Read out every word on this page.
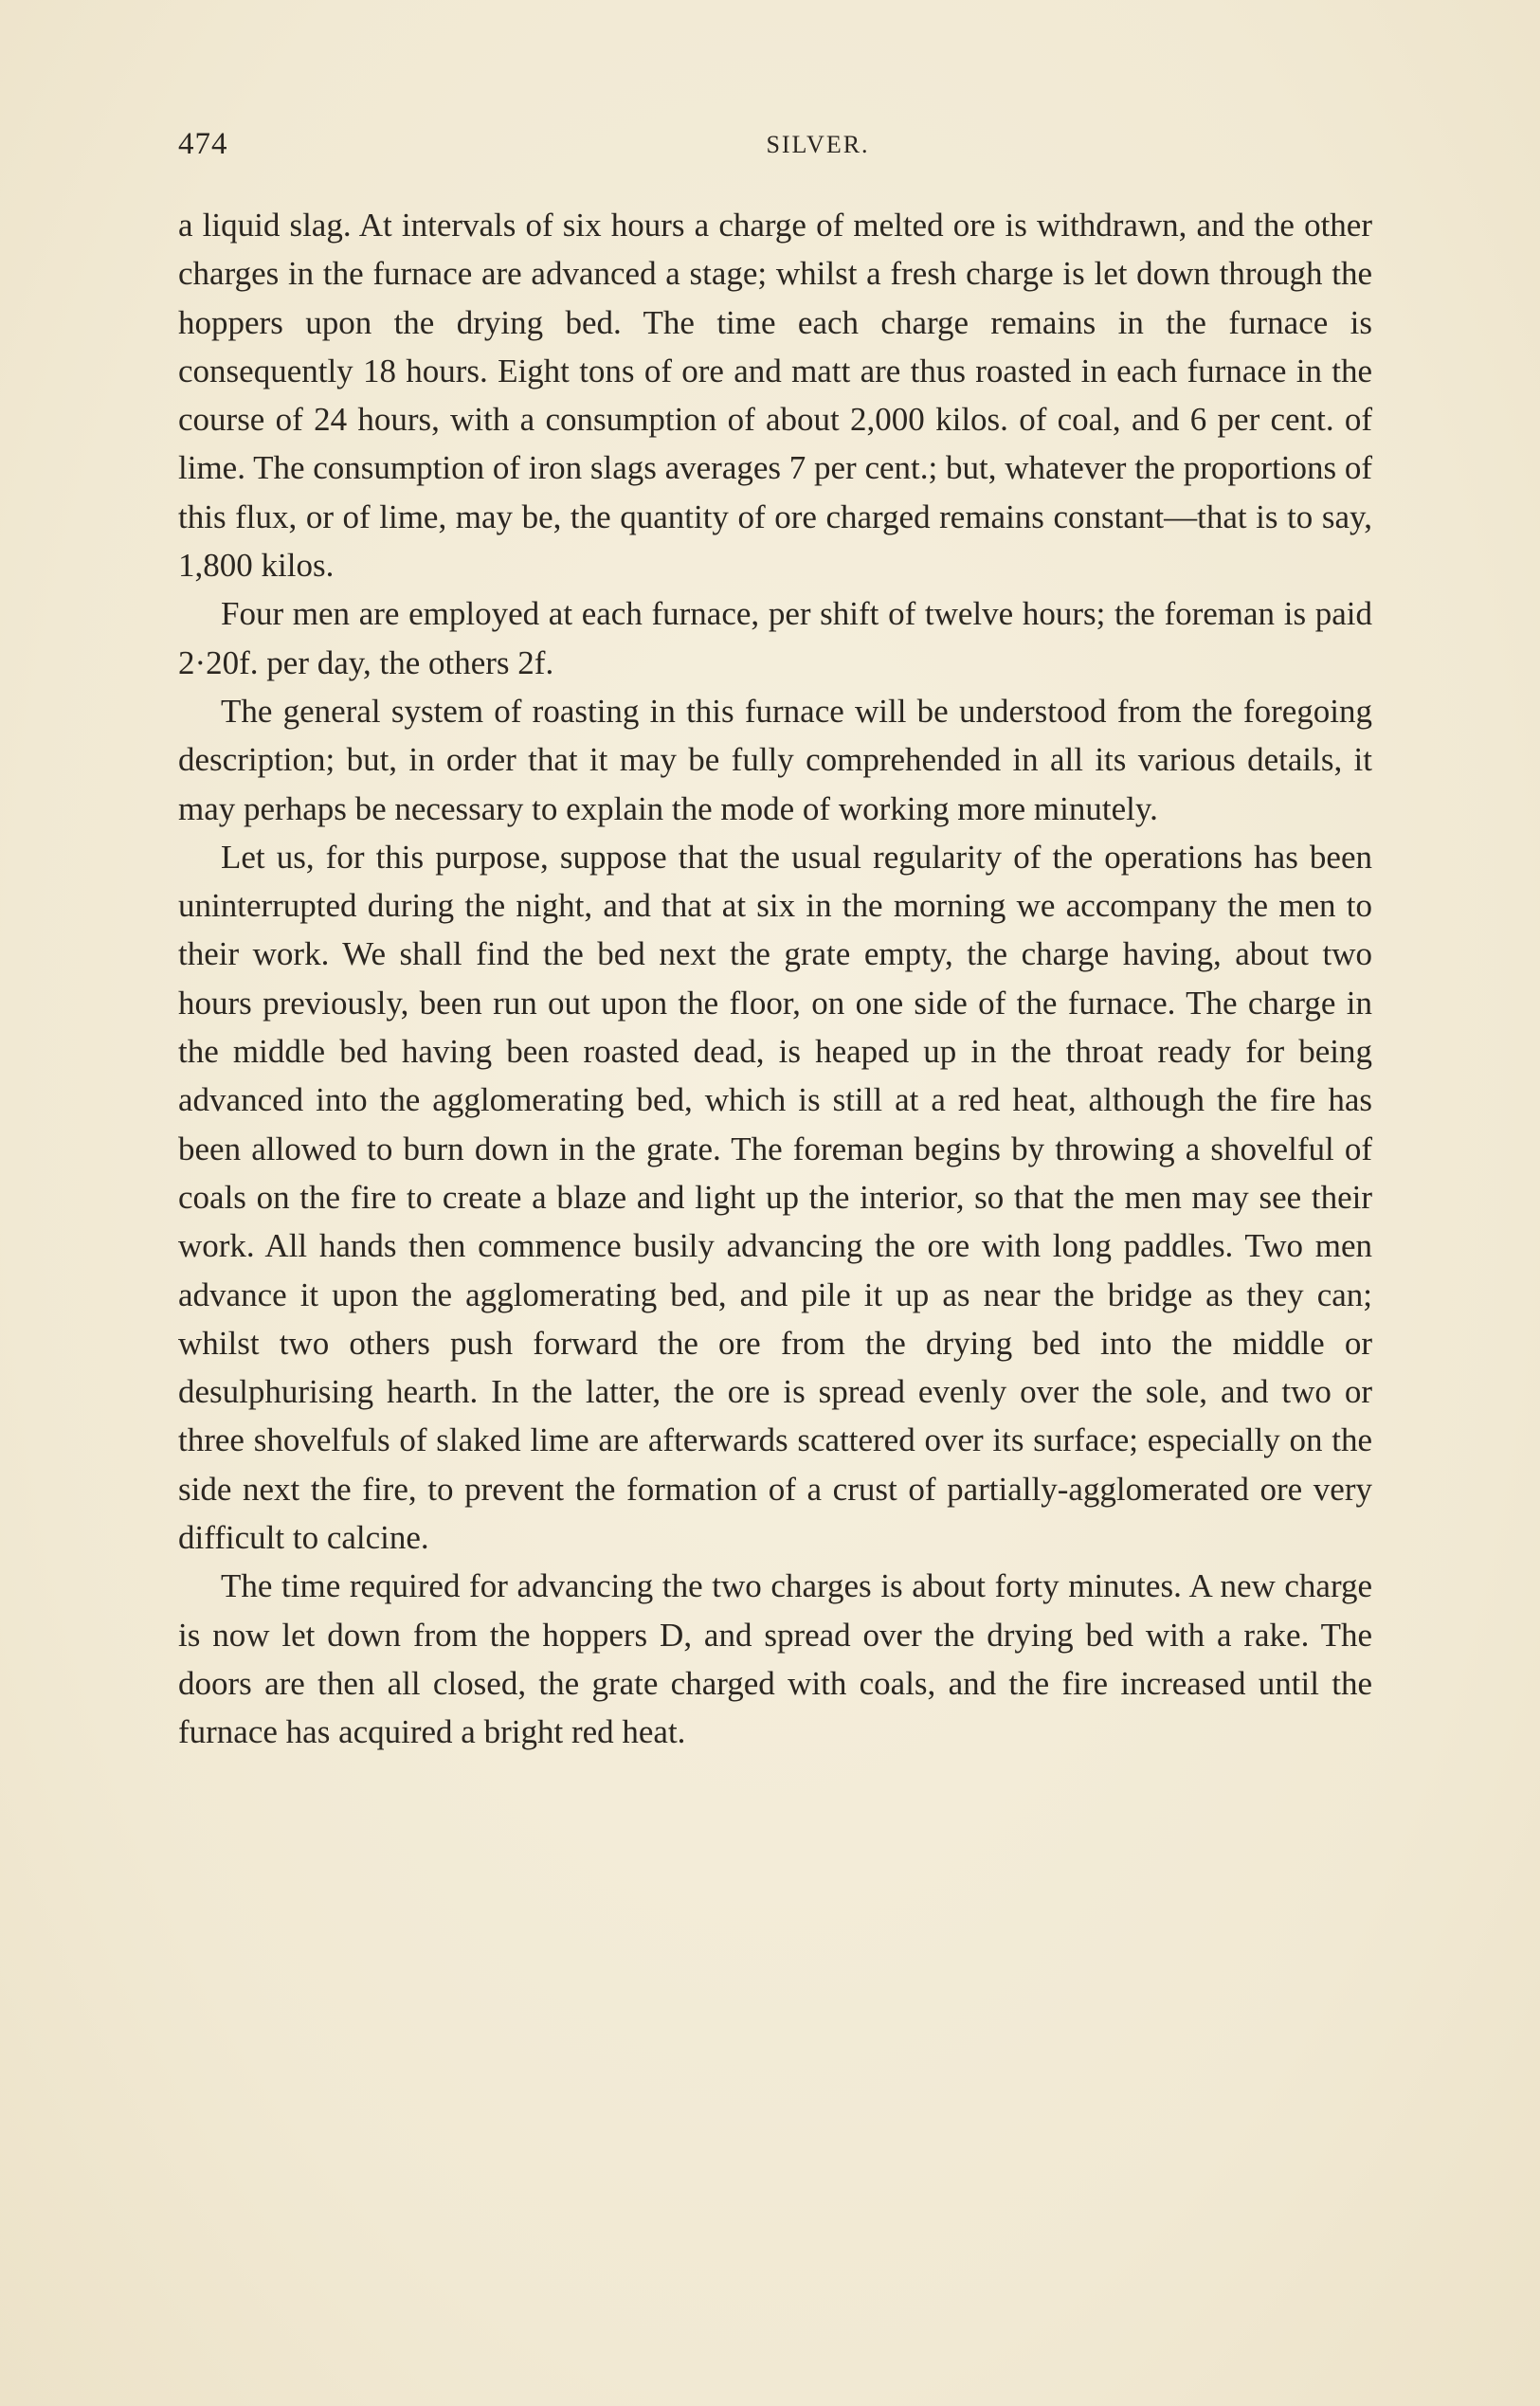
474	SILVER.

a liquid slag. At intervals of six hours a charge of melted ore is withdrawn, and the other charges in the furnace are advanced a stage; whilst a fresh charge is let down through the hoppers upon the drying bed. The time each charge remains in the furnace is consequently 18 hours. Eight tons of ore and matt are thus roasted in each furnace in the course of 24 hours, with a consumption of about 2,000 kilos. of coal, and 6 per cent. of lime. The consumption of iron slags averages 7 per cent.; but, whatever the proportions of this flux, or of lime, may be, the quantity of ore charged remains constant—that is to say, 1,800 kilos.

Four men are employed at each furnace, per shift of twelve hours; the foreman is paid 2·20f. per day, the others 2f.

The general system of roasting in this furnace will be understood from the foregoing description; but, in order that it may be fully comprehended in all its various details, it may perhaps be necessary to explain the mode of working more minutely.

Let us, for this purpose, suppose that the usual regularity of the operations has been uninterrupted during the night, and that at six in the morning we accompany the men to their work. We shall find the bed next the grate empty, the charge having, about two hours previously, been run out upon the floor, on one side of the furnace. The charge in the middle bed having been roasted dead, is heaped up in the throat ready for being advanced into the agglomerating bed, which is still at a red heat, although the fire has been allowed to burn down in the grate. The foreman begins by throwing a shovelful of coals on the fire to create a blaze and light up the interior, so that the men may see their work. All hands then commence busily advancing the ore with long paddles. Two men advance it upon the agglomerating bed, and pile it up as near the bridge as they can; whilst two others push forward the ore from the drying bed into the middle or desulphurising hearth. In the latter, the ore is spread evenly over the sole, and two or three shovelfuls of slaked lime are afterwards scattered over its surface; especially on the side next the fire, to prevent the formation of a crust of partially-agglomerated ore very difficult to calcine.

The time required for advancing the two charges is about forty minutes. A new charge is now let down from the hoppers D, and spread over the drying bed with a rake. The doors are then all closed, the grate charged with coals, and the fire increased until the furnace has acquired a bright red heat.
